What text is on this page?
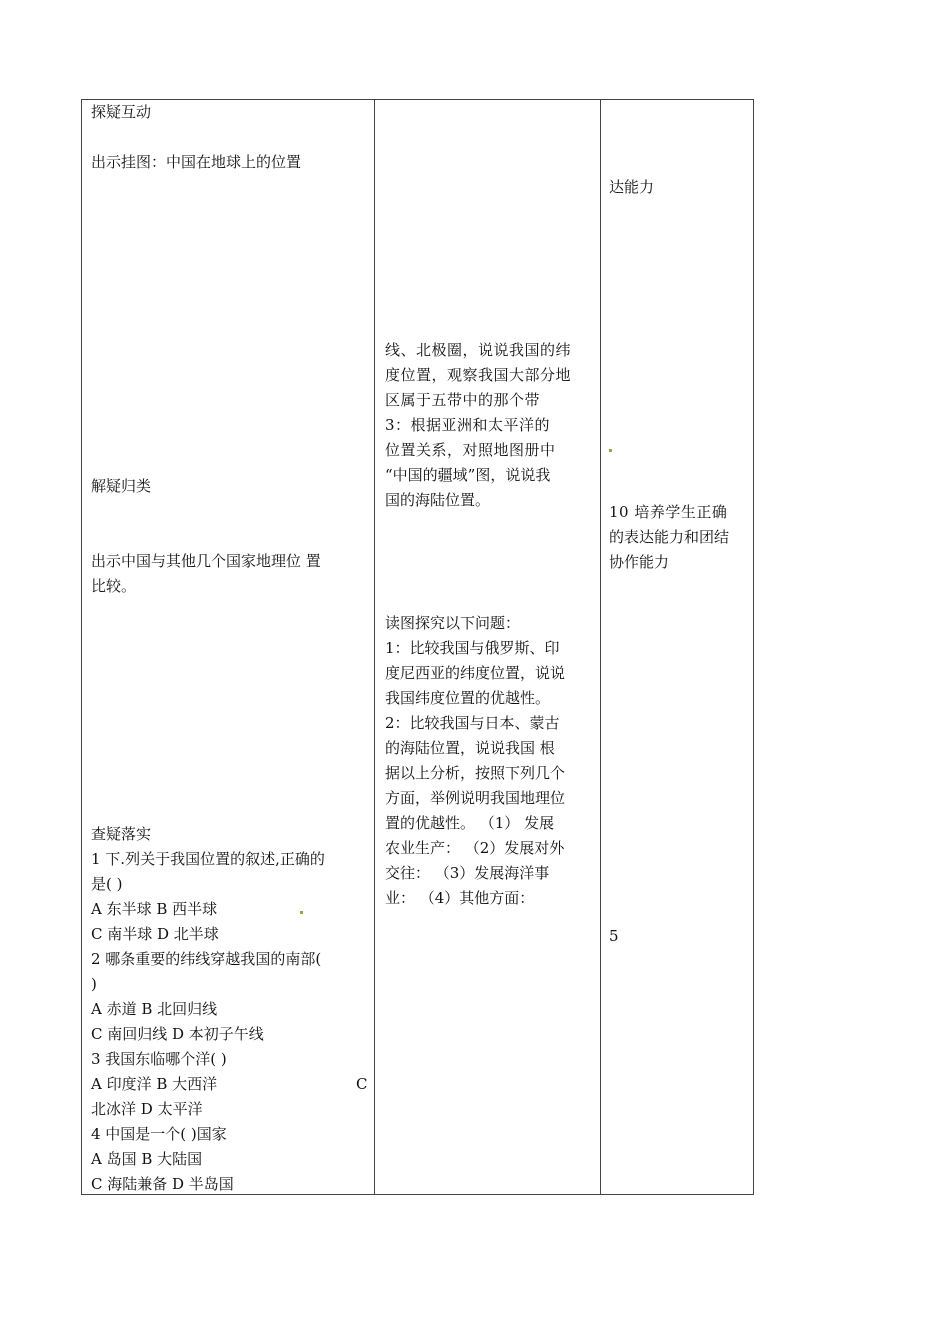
探疑互动
出示挂图：中国在地球上的位置
解疑归类
出示中国与其他几个国家地理位 置
比较。
查疑落实
1 下.列关于我国位置的叙述,正确的
是( )
A 东半球 B 西半球
C 南半球 D 北半球
2 哪条重要的纬线穿越我国的南部(
)
A 赤道 B 北回归线
C 南回归线 D 本初子午线
3 我国东临哪个洋( )
A 印度洋 B 大西洋	C
北冰洋 D 太平洋
4 中国是一个( )国家
A 岛国 B 大陆国
C 海陆兼备 D 半岛国
线、北极圈，说说我国的纬
度位置，观察我国大部分地
区属于五带中的那个带
3：根据亚洲和太平洋的
位置关系，对照地图册中
“中国的疆域”图，说说我
国的海陆位置。
读图探究以下问题：
1：比较我国与俄罗斯、印
度尼西亚的纬度位置，说说
我国纬度位置的优越性。
2：比较我国与日本、蒙古
的海陆位置，说说我国 根
据以上分析，按照下列几个
方面，举例说明我国地理位
置的优越性。 （1） 发展
农业生产： （2）发展对外
交往： （3）发展海洋事
业： （4）其他方面：
达能力
10 培养学生正确
的表达能力和团结
协作能力
5
